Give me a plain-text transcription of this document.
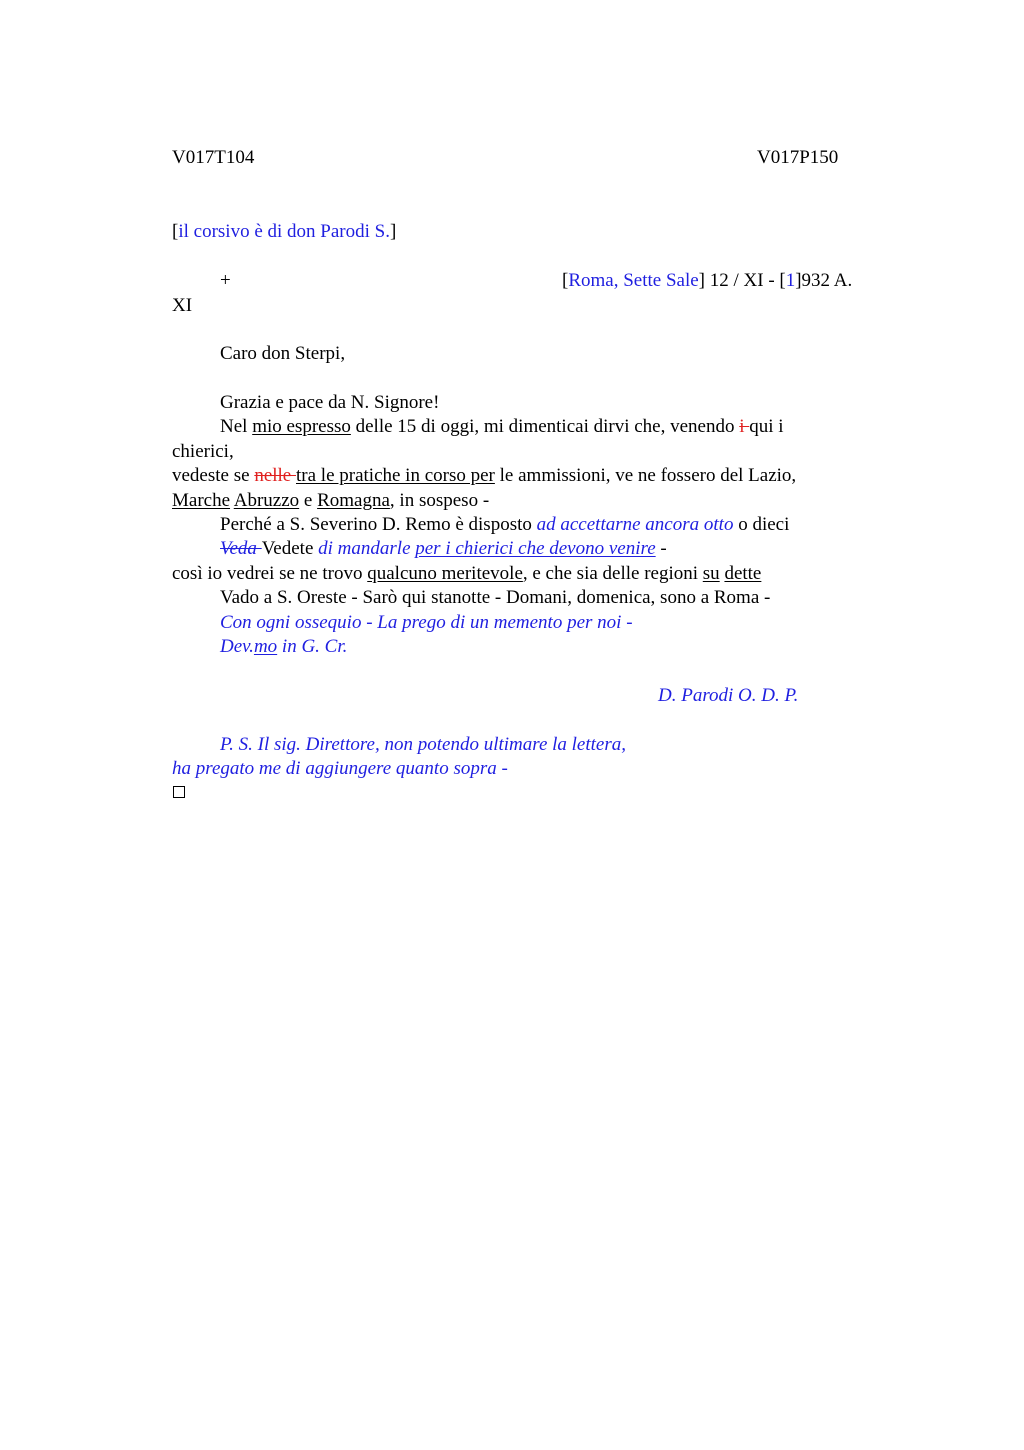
V017T104	V017P150
[il corsivo è di don Parodi S.]
+	[Roma, Sette Sale] 12 / XI - [1]932 A.
XI
Caro don Sterpi,
Grazia e pace da N. Signore!
Nel mio espresso delle 15 di oggi, mi dimenticai dirvi che, venendo i qui i
chierici,
vedeste se nelle tra le pratiche in corso per le ammissioni, ve ne fossero del Lazio,
Marche Abruzzo e Romagna, in sospeso -
Perché a S. Severino D. Remo è disposto ad accettarne ancora otto o dieci
Veda Vedete di mandarle per i chierici che devono venire -
così io vedrei se ne trovo qualcuno meritevole, e che sia delle regioni su dette
Vado a S. Oreste - Sarò qui stanotte - Domani, domenica, sono a Roma -
Con ogni ossequio - La prego di un memento per noi -
Dev.mo in G. Cr.
D. Parodi O. D. P.
P. S. Il sig. Direttore, non potendo ultimare la lettera,
ha pregato me di aggiungere quanto sopra -
